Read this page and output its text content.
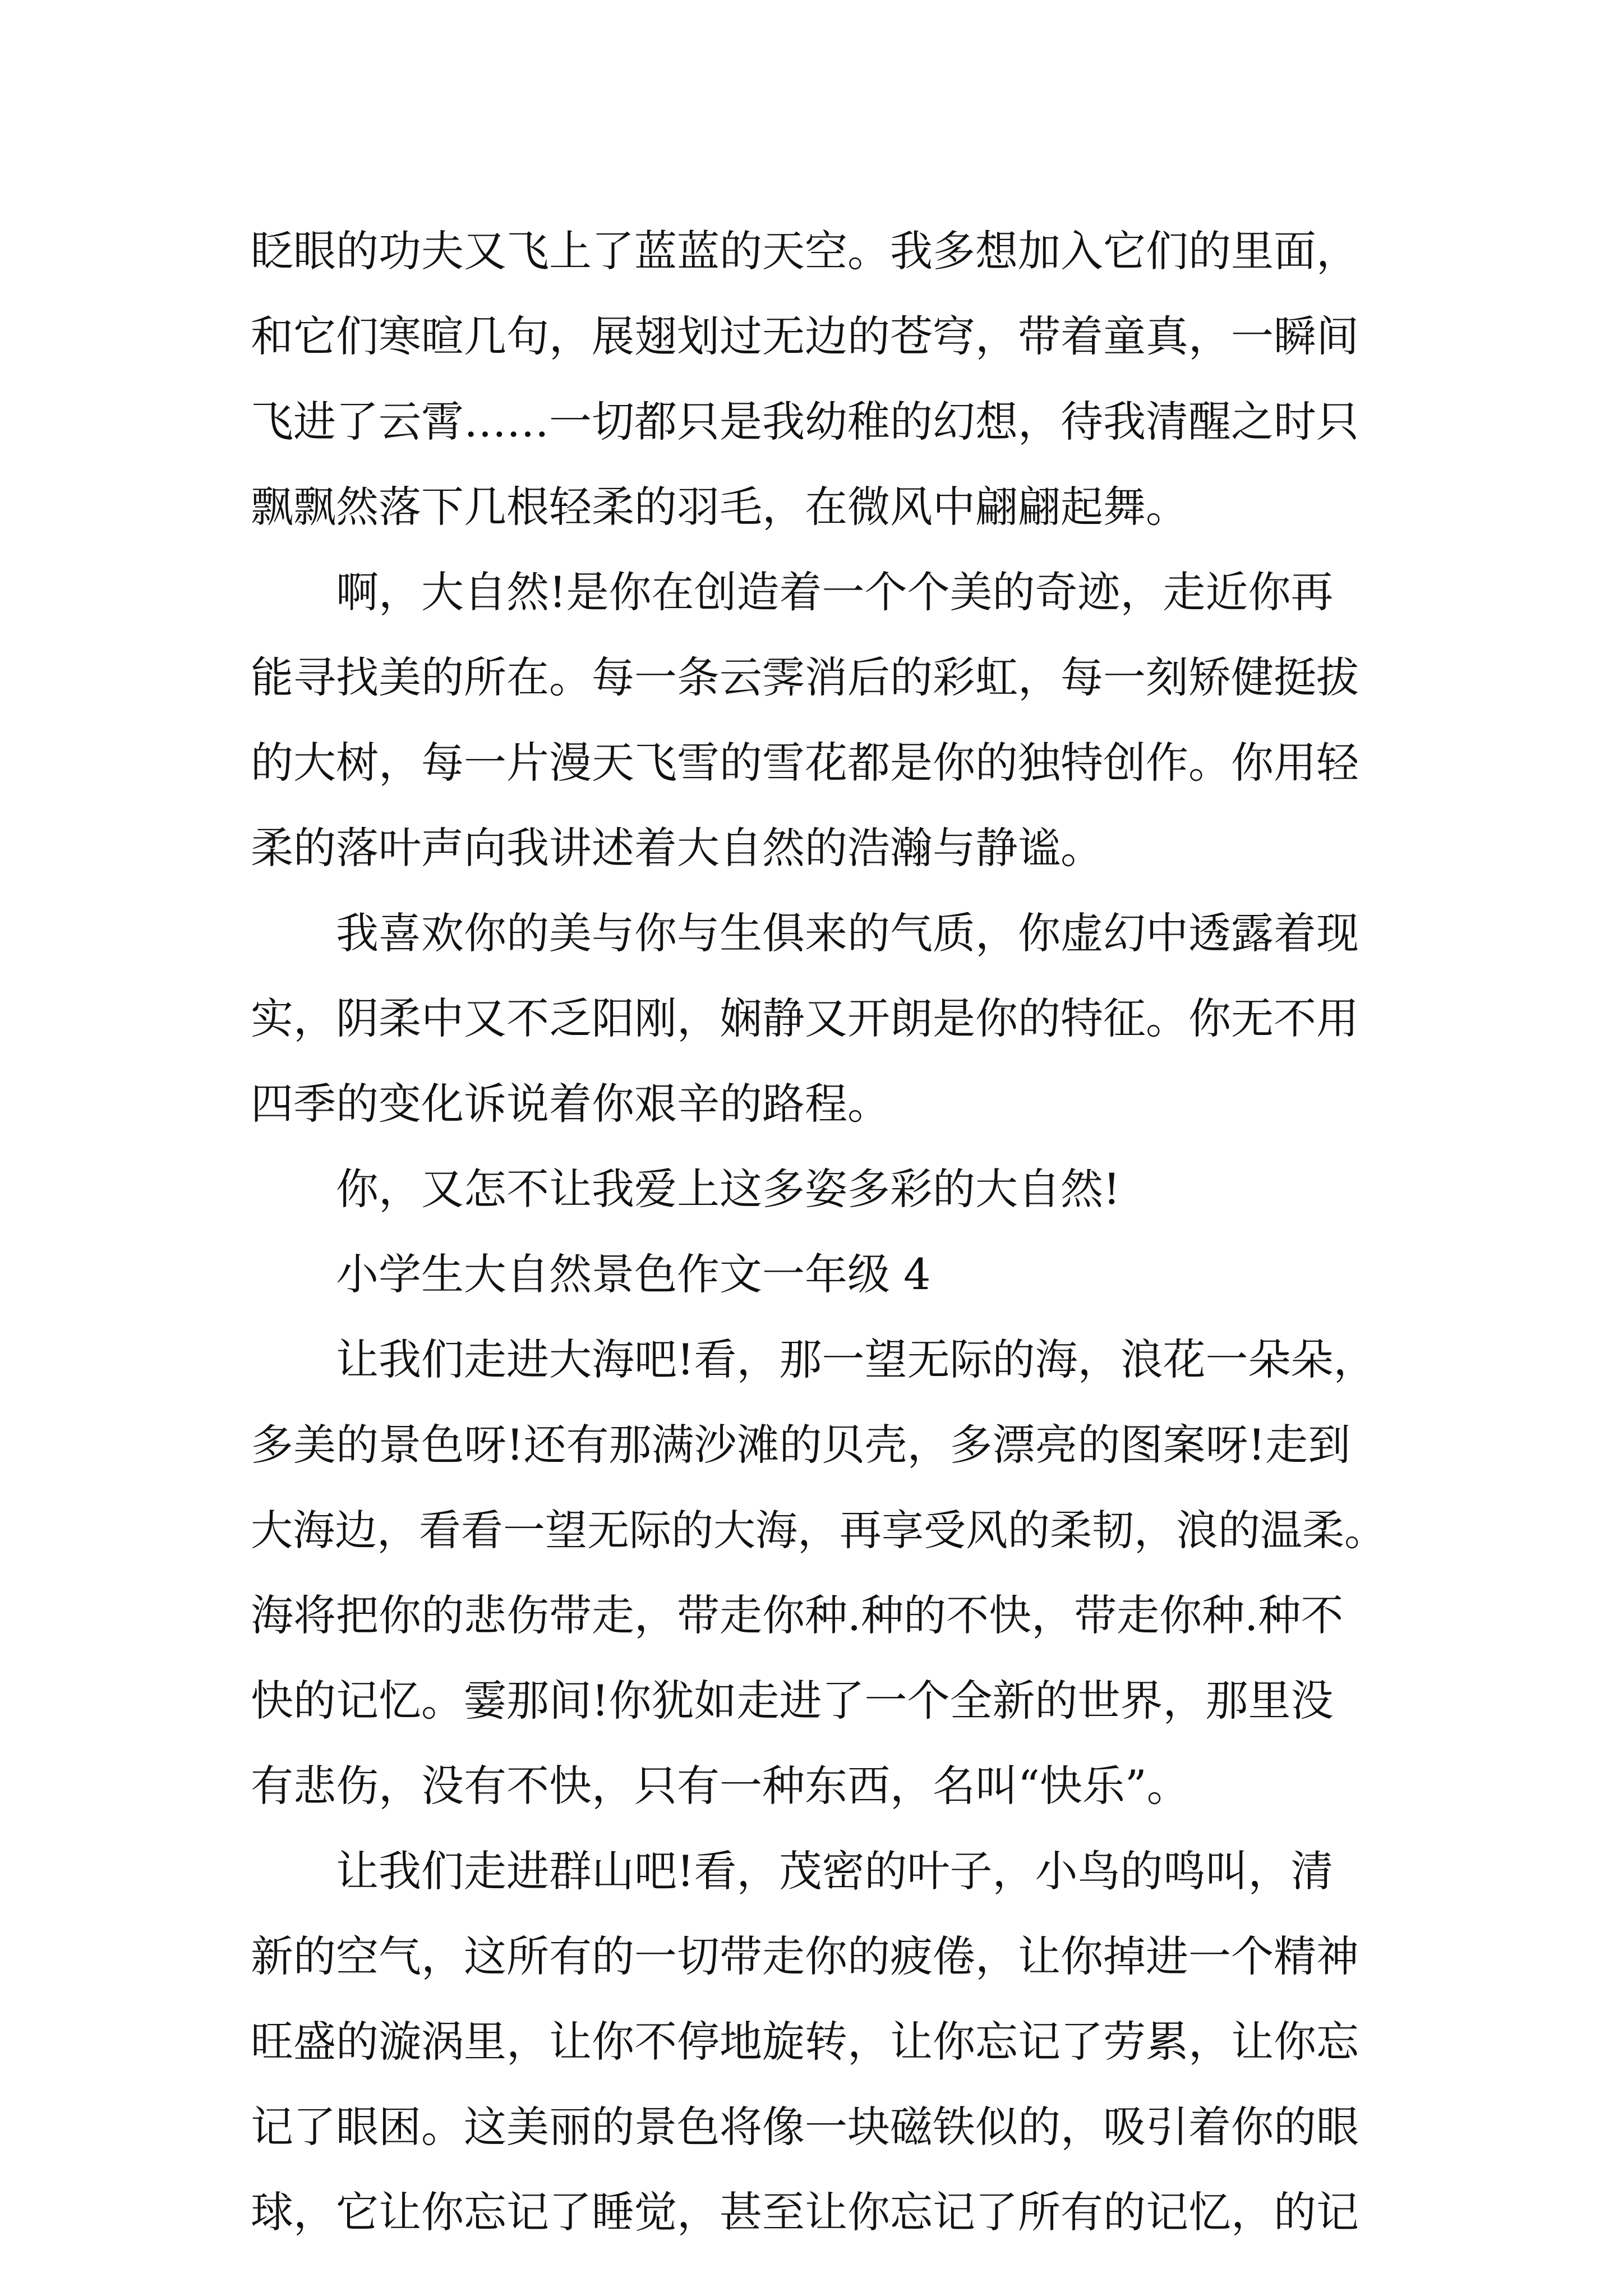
眨眼的功夫又飞上了蓝蓝的天空。我多想加入它们的里面，
和它们寒暄几句，展翅划过无边的苍穹，带着童真，一瞬间
飞进了云霄……一切都只是我幼稚的幻想，待我清醒之时只
飘飘然落下几根轻柔的羽毛，在微风中翩翩起舞。
啊，大自然!是你在创造着一个个美的奇迹，走近你再
能寻找美的所在。每一条云霁消后的彩虹，每一刻矫健挺拔
的大树，每一片漫天飞雪的雪花都是你的独特创作。你用轻
柔的落叶声向我讲述着大自然的浩瀚与静谧。
我喜欢你的美与你与生俱来的气质，你虚幻中透露着现
实，阴柔中又不乏阳刚，娴静又开朗是你的特征。你无不用
四季的变化诉说着你艰辛的路程。
你，又怎不让我爱上这多姿多彩的大自然!
小学生大自然景色作文一年级 4
让我们走进大海吧!看，那一望无际的海，浪花一朵朵，
多美的景色呀!还有那满沙滩的贝壳，多漂亮的图案呀!走到
大海边，看看一望无际的大海，再享受风的柔韧，浪的温柔。
海将把你的悲伤带走，带走你种.种的不快，带走你种.种不
快的记忆。霎那间!你犹如走进了一个全新的世界，那里没
有悲伤，没有不快，只有一种东西，名叫“快乐”。
让我们走进群山吧!看，茂密的叶子，小鸟的鸣叫，清
新的空气，这所有的一切带走你的疲倦，让你掉进一个精神
旺盛的漩涡里，让你不停地旋转，让你忘记了劳累，让你忘
记了眼困。这美丽的景色将像一块磁铁似的，吸引着你的眼
球，它让你忘记了睡觉，甚至让你忘记了所有的记忆，的记
